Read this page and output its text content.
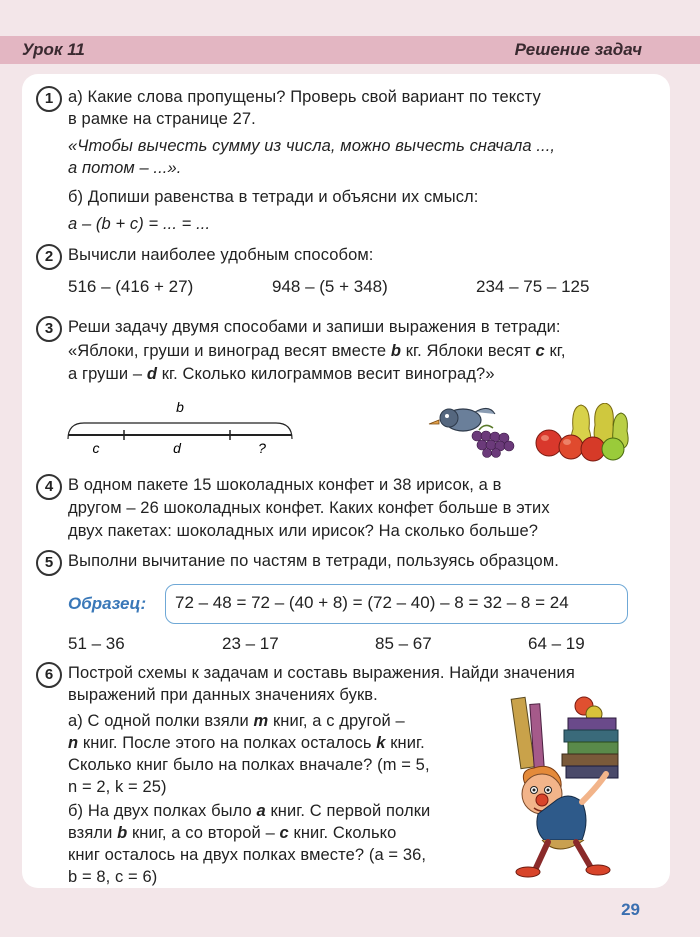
Урок 11	Решение задач
1 а) Какие слова пропущены? Проверь свой вариант по тексту
в рамке на странице 27.
«Чтобы вычесть сумму из числа, можно вычесть сначала ...,
а потом – ...».
б) Допиши равенства в тетради и объясни их смысл:
a – (b + c) = ... = ...
2 Вычисли наиболее удобным способом:
516 – (416 + 27)	948 – (5 + 348)	234 – 75 – 125
3 Реши задачу двумя способами и запиши выражения в тетради:
«Яблоки, груши и виноград весят вместе b кг. Яблоки весят c кг,
а груши – d кг. Сколько килограммов весит виноград?»
b
c	d	?
4 В одном пакете 15 шоколадных конфет и 38 ирисок, а в
другом – 26 шоколадных конфет. Каких конфет больше в этих
двух пакетах: шоколадных или ирисок? На сколько больше?
5 Выполни вычитание по частям в тетради, пользуясь образцом.
Образец: 72 – 48 = 72 – (40 + 8) = (72 – 40) – 8 = 32 – 8 = 24
51 – 36	23 – 17	85 – 67	64 – 19
6 Построй схемы к задачам и составь выражения. Найди значения
выражений при данных значениях букв.
а) С одной полки взяли m книг, а с другой –
n книг. После этого на полках осталось k книг.
Сколько книг было на полках вначале? (m = 5,
n = 2, k = 25)
б) На двух полках было a книг. С первой полки
взяли b книг, а со второй – c книг. Сколько
книг осталось на двух полках вместе? (a = 36,
b = 8, c = 6)
29
